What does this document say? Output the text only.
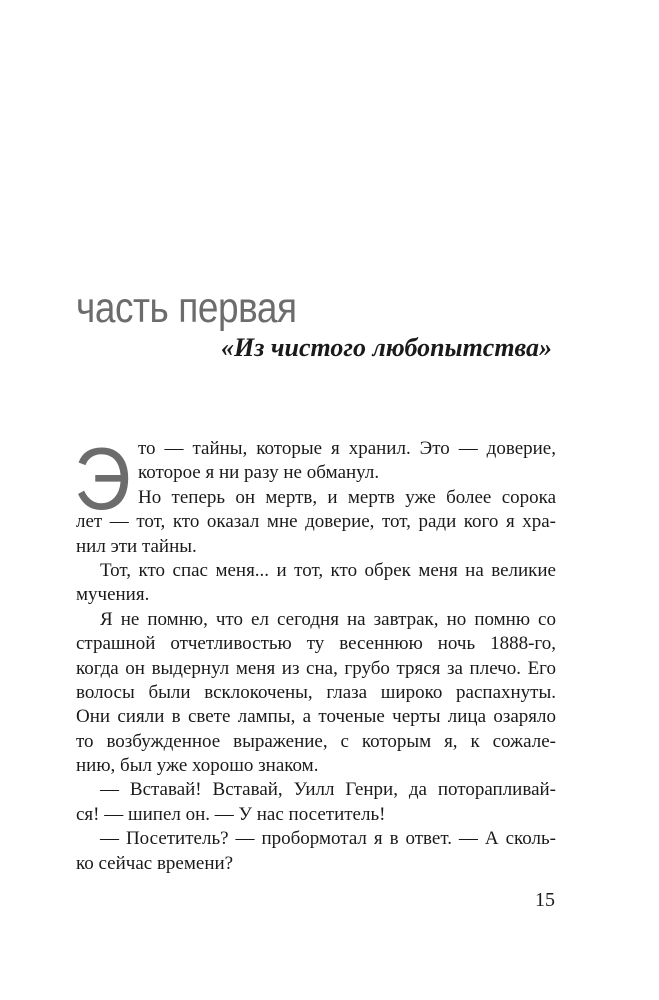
часть первая
«Из чистого любопытства»
Э то — тайны, которые я хранил. Это — доверие,
которое я ни разу не обманул.
Но теперь он мертв, и мертв уже более сорока
лет — тот, кто оказал мне доверие, тот, ради кого я хра-
нил эти тайны.
Тот, кто спас меня... и тот, кто обрек меня на великие
мучения.
Я не помню, что ел сегодня на завтрак, но помню со
страшной отчетливостью ту весеннюю ночь 1888-го,
когда он выдернул меня из сна, грубо тряся за плечо. Его
волосы были всклокочены, глаза широко распахнуты.
Они сияли в свете лампы, а точеные черты лица озаряло
то возбужденное выражение, с которым я, к сожале-
нию, был уже хорошо знаком.
— Вставай! Вставай, Уилл Генри, да поторапливай-
ся! — шипел он. — У нас посетитель!
— Посетитель? — пробормотал я в ответ. — А сколь-
ко сейчас времени?
15
